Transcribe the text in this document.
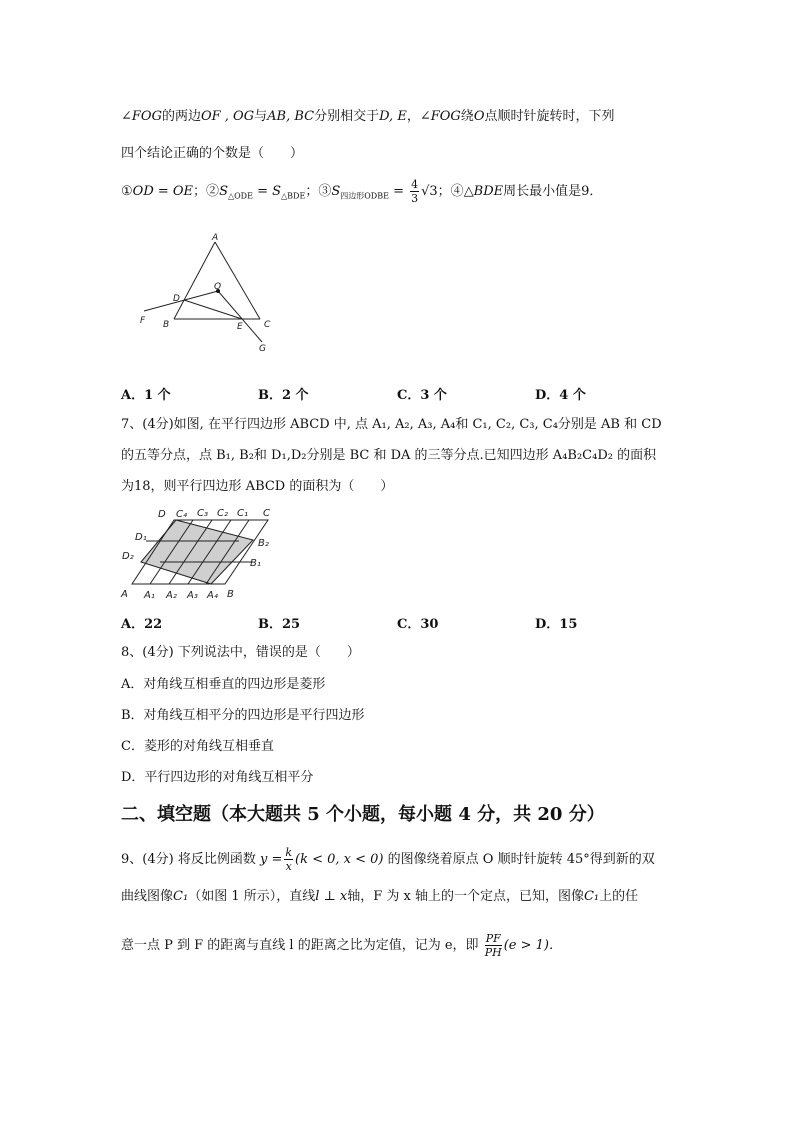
∠FOG的两边OF , OG与AB, BC分别相交于D, E，∠FOG绕O点顺时针旋转时，下列
四个结论正确的个数是（　　）
①OD = OE；$②S_{\triangle ODE} = S_{\triangle BDE}$；$③S_{四边形ODBE} = \frac{4}{3} √3$；④△BDE周长最小值是9．
A
O
D
F B	E C
G
A．1 个	B．2 个	C．3 个	D．4 个
7、(4分)如图, 在平行四边形 ABCD 中, 点 A₁, A₂, A₃, A₄和 C₁, C₂, C₃, C₄分别是 AB 和 CD
的五等分点，点 B₁, B₂和 D₁,D₂分别是 BC 和 DA 的三等分点.已知四边形 A₄B₂C₄D₂ 的面积
为18，则平行四边形 ABCD 的面积为（　　）
D C₄ C₃ C₂ C₁ C
D₁
D₂
B₂
B₁
A A₁ A₂ A₃ A₄ B
A．22	B．25	C．30	D．15
8、(4分) 下列说法中，错误的是（　　）
A．对角线互相垂直的四边形是菱形
B．对角线互相平分的四边形是平行四边形
C．菱形的对角线互相垂直
D．平行四边形的对角线互相平分
二、填空题（本大题共 5 个小题，每小题 4 分，共 20 分）
9、(4分) 将反比例函数 $y = \frac{k}{x} (k < 0$, x < 0) 的图像绕着原点 O 顺时针旋转 45°得到新的双
曲线图像C₁（如图 1 所示），直线l ⊥ x轴，F 为 x 轴上的一个定点，已知，图像C₁上的任
意一点 P 到 F 的距离与直线 l 的距离之比为定值，记为 e，即 $\frac{PF}{PH} (e > 1)$．
